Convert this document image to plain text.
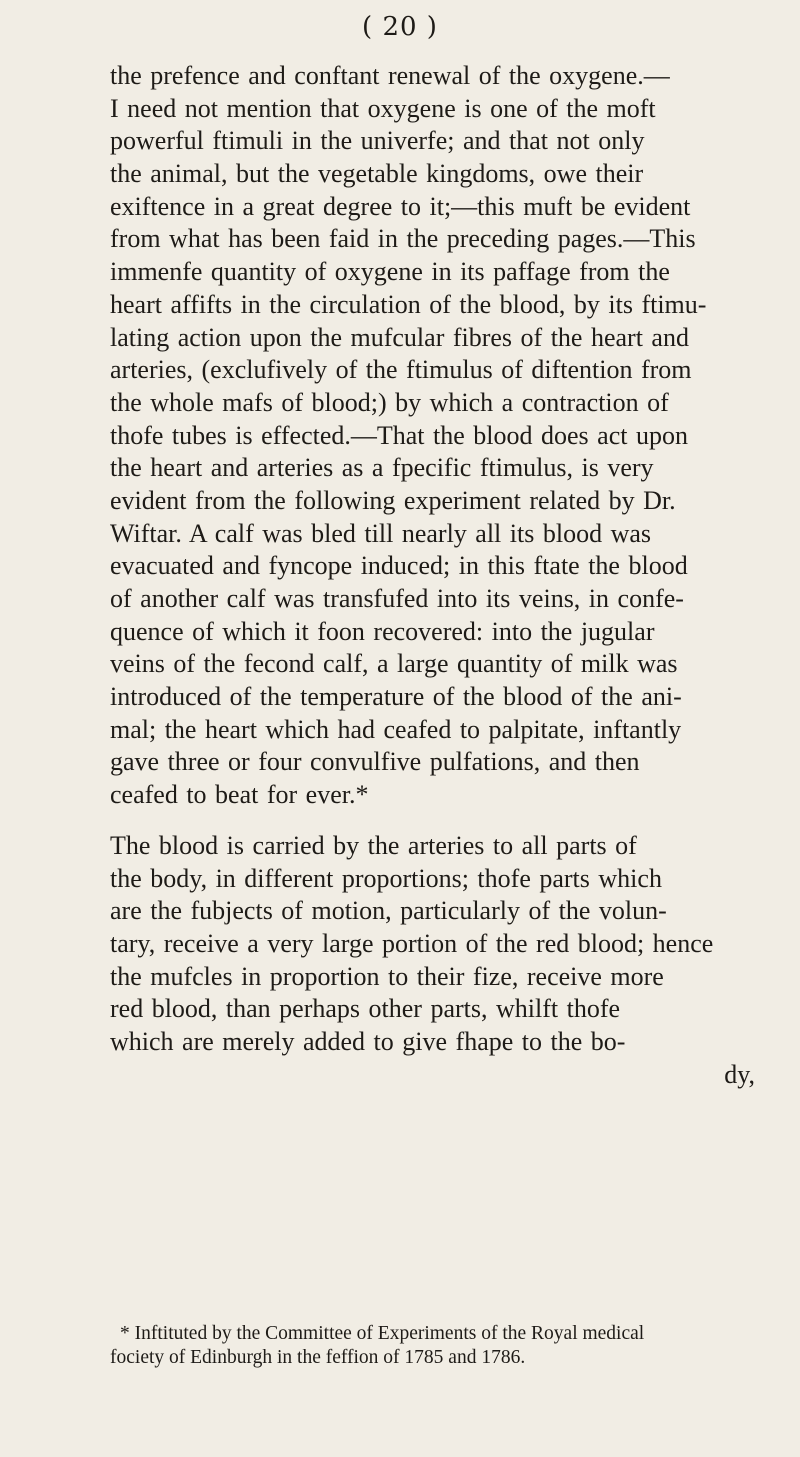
( 20 )
the prefence and conftant renewal of the oxygene.—
I need not mention that oxygene is one of the moft
powerful ftimuli in the univerfe; and that not only
the animal, but the vegetable kingdoms, owe their
exiftence in a great degree to it;—this muft be evident
from what has been faid in the preceding pages.—This
immenfe quantity of oxygene in its paffage from the
heart affifts in the circulation of the blood, by its ftimu-
lating action upon the mufcular fibres of the heart and
arteries, (exclufively of the ftimulus of diftention from
the whole mafs of blood;) by which a contraction of
thofe tubes is effected.—That the blood does act upon
the heart and arteries as a fpecific ftimulus, is very
evident from the following experiment related by Dr.
Wiftar. A calf was bled till nearly all its blood was
evacuated and fyncope induced; in this ftate the blood
of another calf was transfufed into its veins, in confe-
quence of which it foon recovered: into the jugular
veins of the fecond calf, a large quantity of milk was
introduced of the temperature of the blood of the ani-
mal; the heart which had ceafed to palpitate, inftantly
gave three or four convulfive pulfations, and then
ceafed to beat for ever.*
The blood is carried by the arteries to all parts of
the body, in different proportions; thofe parts which
are the fubjects of motion, particularly of the volun-
tary, receive a very large portion of the red blood; hence
the mufcles in proportion to their fize, receive more
red blood, than perhaps other parts, whilft thofe
which are merely added to give fhape to the bo-
dy,
* Inftituted by the Committee of Experiments of the Royal medical
fociety of Edinburgh in the feffion of 1785 and 1786.
